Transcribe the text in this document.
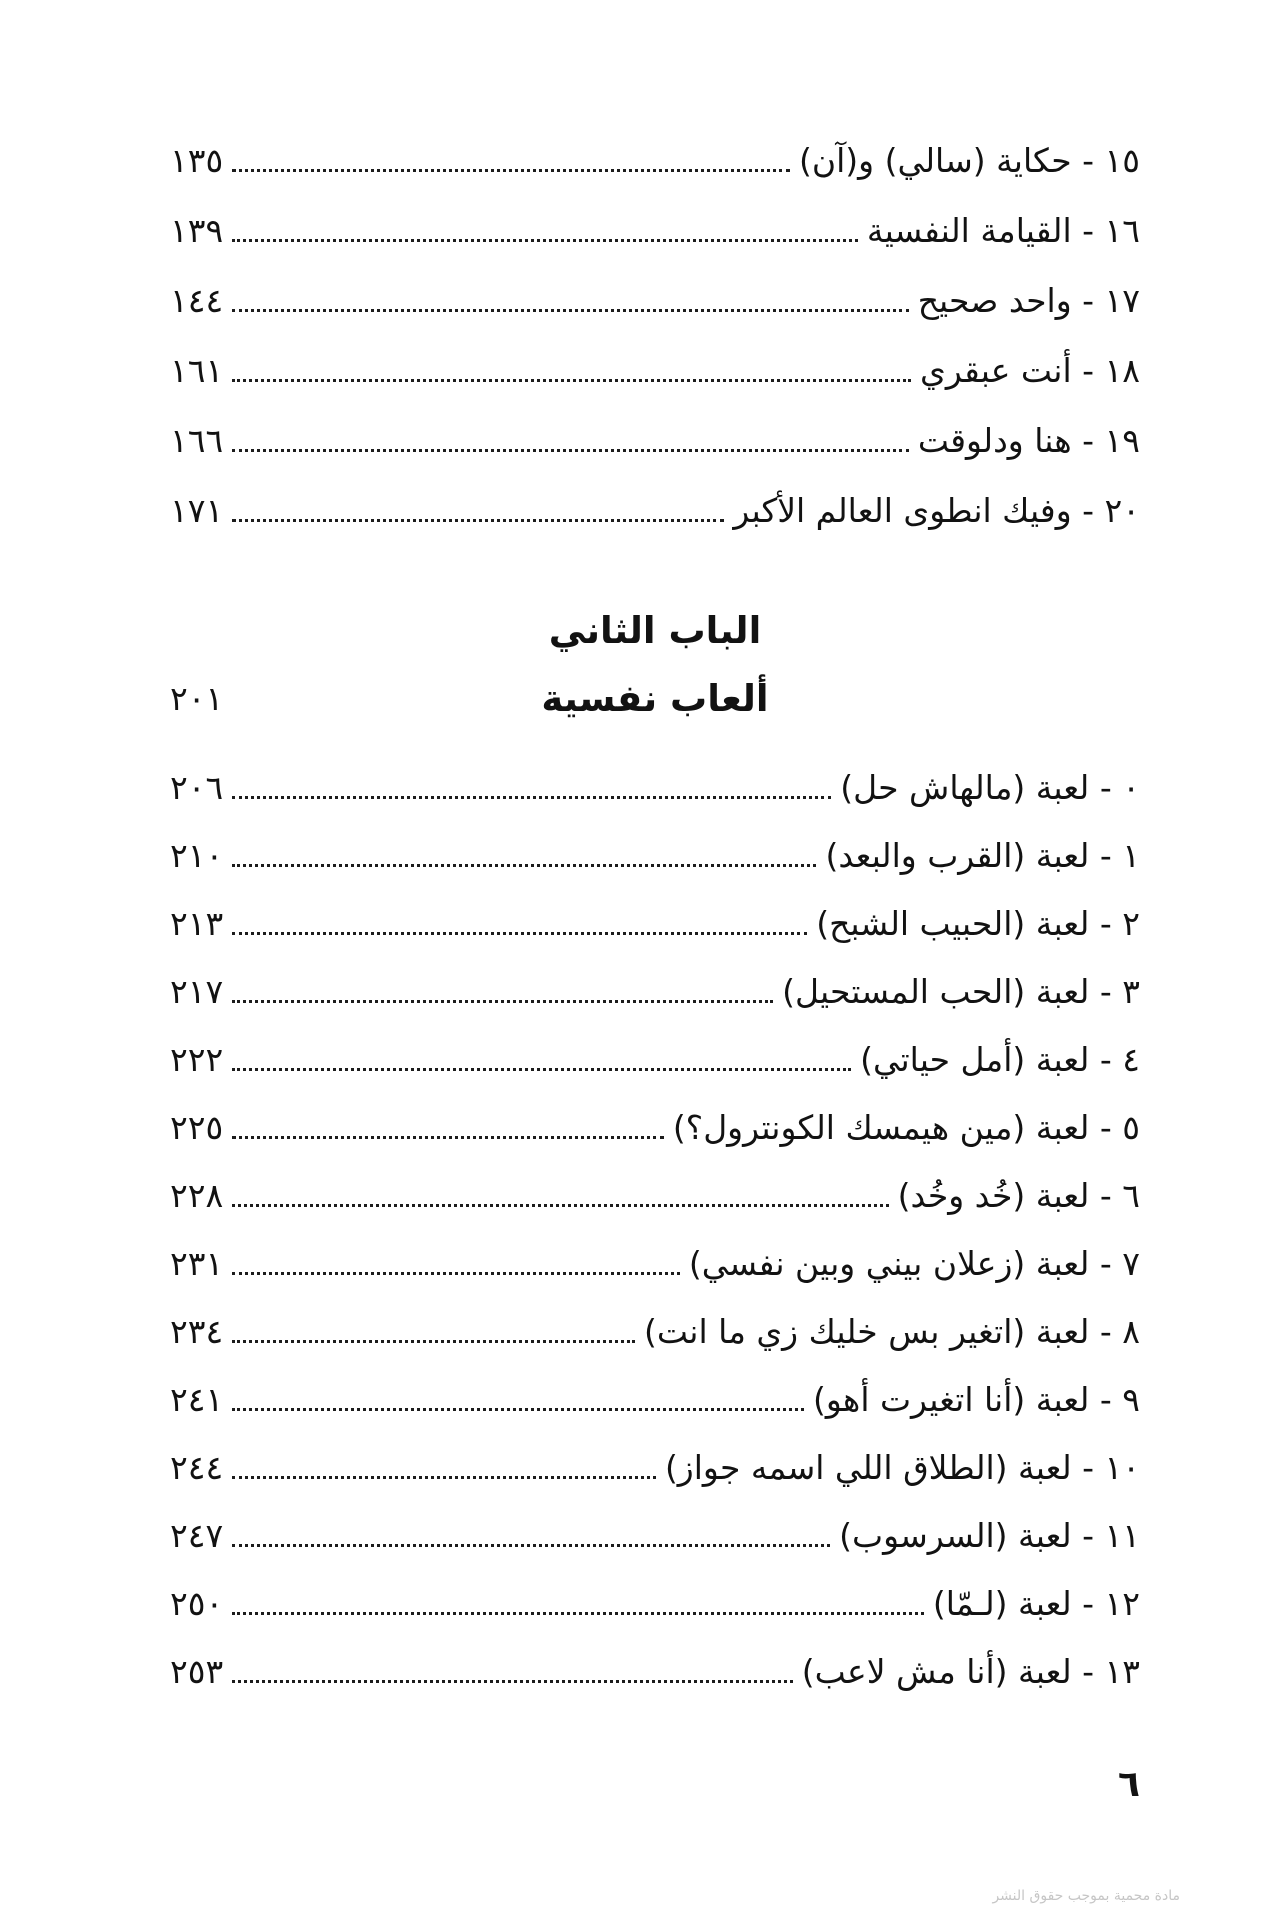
١٥ - حكاية (سالي) و(آن)
١٣٥
١٦ - القيامة النفسية
١٣٩
١٧ - واحد صحيح
١٤٤
١٨ - أنت عبقري
١٦١
١٩ - هنا ودلوقت
١٦٦
٢٠ - وفيك انطوى العالم الأكبر
١٧١
الباب الثاني
٢٠١	ألعاب نفسية
٠ - لعبة (مالهاش حل)
٢٠٦
١ - لعبة (القرب والبعد)
٢١٠
٢ - لعبة (الحبيب الشبح)
٢١٣
٣ - لعبة (الحب المستحيل)
٢١٧
٤ - لعبة (أمل حياتي)
٢٢٢
٥ - لعبة (مين هيمسك الكونترول؟)
٢٢٥
٦ - لعبة (خُد وخُد)
٢٢٨
٧ - لعبة (زعلان بيني وبين نفسي)
٢٣١
٨ - لعبة (اتغير بس خليك زي ما انت)
٢٣٤
٩ - لعبة (أنا اتغيرت أهو)
٢٤١
١٠ - لعبة (الطلاق اللي اسمه جواز)
٢٤٤
١١ - لعبة (السرسوب)
٢٤٧
١٢ - لعبة (لـمّا)
٢٥٠
١٣ - لعبة (أنا مش لاعب)
٢٥٣
٦
مادة محمية بموجب حقوق النشر
